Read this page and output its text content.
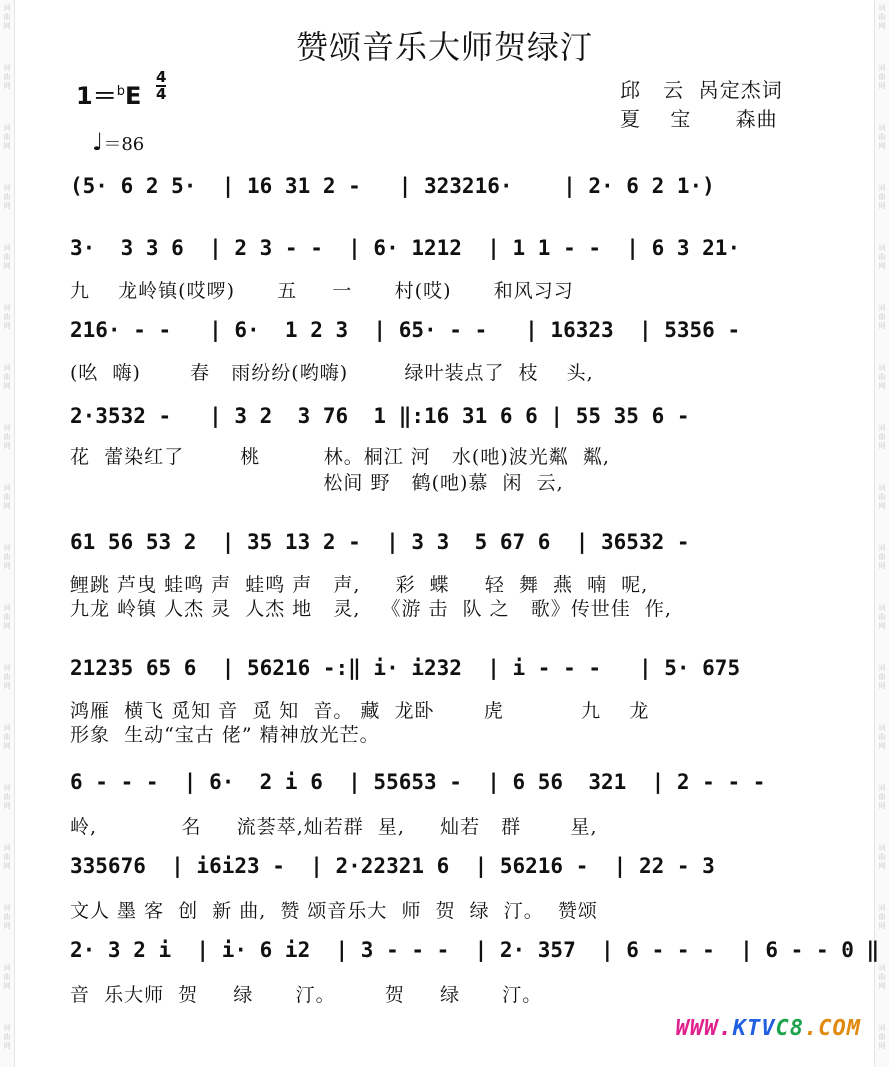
词
曲
网
词
曲
网
词
曲
网
词
曲
网
词
曲
网
词
曲
网
词
曲
网
词
曲
网
词
曲
网
词
曲
网
词
曲
网
词
曲
网
词
曲
网
词
曲
网
词
曲
网
词
曲
网
词
曲
网
词
曲
网
词
曲
网
词
曲
网
词
曲
网
词
曲
网
词
曲
网
词
曲
网
词
曲
网
词
曲
网
词
曲
网
词
曲
网
词
曲
网
词
曲
网
词
曲
网
词
曲
网
词
曲
网
词
曲
网
词
曲
网
词
曲
网
赞颂音乐大师贺绿汀
1＝$^b$E
4
4
♩＝86
邱   云  呙定杰词
夏    宝      森曲
(5· 6 2 5·  | 16 31 2 -   | 323216·    | 2· 6 2 1·)
3·  3 3 6  | 2 3 - -  | 6· 1212  | 1 1 - -  | 6 3 21·
九    龙岭镇(哎啰)      五     一      村(哎)      和风习习
216· - -   | 6·  1 2 3  | 65· - -   | 16323  | 5356 -
(吆  嗨)       春   雨纷纷(哟嗨)        绿叶装点了  枝    头,
2·3532 -   | 3 2  3 76  1 ‖:16 31 6 6 | 55 35 6 -
花  蕾染红了        桃         林。桐江 河   水(吔)波光粼  粼,
松间 野   鹤(吔)慕  闲  云,
61 56 53 2  | 35 13 2 -  | 3 3  5 67 6  | 36532 -
鲤跳 芦曳 蛙鸣 声  蛙鸣 声   声,     彩  蝶     轻  舞  燕  喃  呢,
九龙 岭镇 人杰 灵  人杰 地   灵,   《游 击  队 之   歌》传世佳  作,
21235 65 6  | 56216 -:‖ i· i232  | i - - -   | 5· 675
鸿雁  横飞 觅知 音  觅 知  音。 藏  龙卧       虎           九    龙
形象  生动“宝古 佬” 精神放光芒。
6 - - -  | 6·  2 i 6  | 55653 -  | 6 56  321  | 2 - - -
岭,            名     流荟萃,灿若群  星,     灿若   群       星,
335676  | i6i23 -  | 2·22321 6  | 56216 -  | 22 - 3
文人 墨 客  创  新 曲,  赞 颂音乐大  师  贺  绿  汀。  赞颂
2· 3 2 i  | i· 6 i2  | 3 - - -  | 2· 357  | 6 - - -  | 6 - - 0 ‖
音  乐大师  贺     绿      汀。       贺     绿      汀。
WWW.KTVC8.COM
